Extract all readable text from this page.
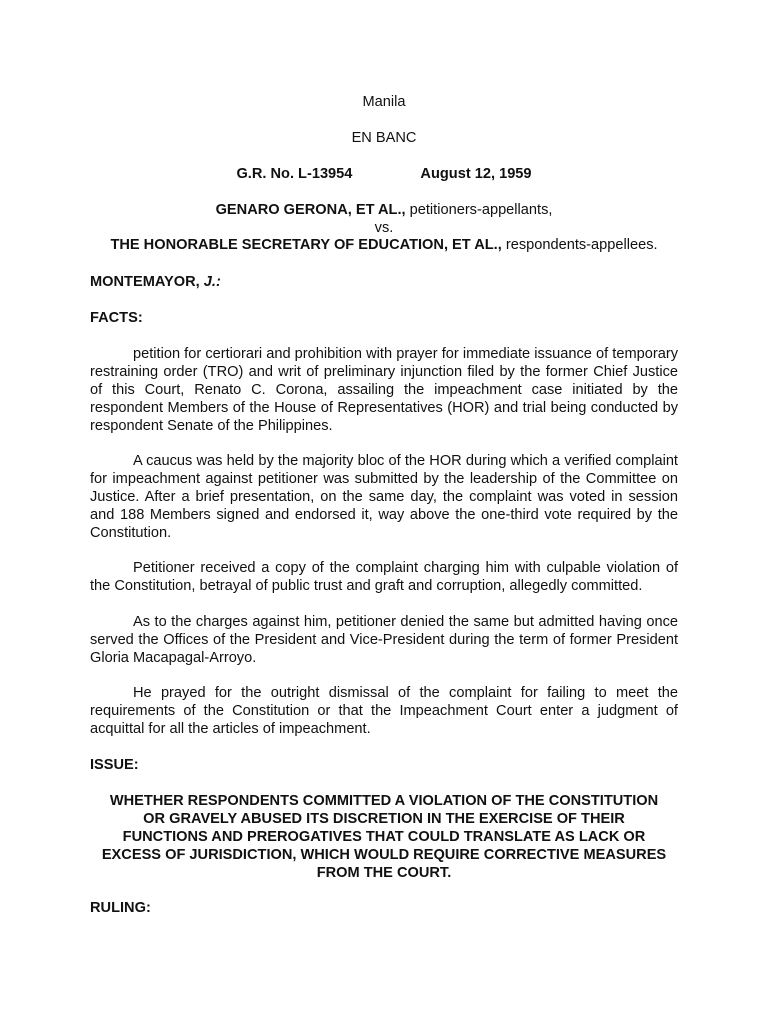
Manila
EN BANC
G.R. No. L-13954	August 12, 1959
GENARO GERONA, ET AL., petitioners-appellants,
vs.
THE HONORABLE SECRETARY OF EDUCATION, ET AL., respondents-appellees.
MONTEMAYOR, J.:
FACTS:
petition for certiorari and prohibition with prayer for immediate issuance of temporary restraining order (TRO) and writ of preliminary injunction filed by the former Chief Justice of this Court, Renato C. Corona, assailing the impeachment case initiated by the respondent Members of the House of Representatives (HOR) and trial being conducted by respondent Senate of the Philippines.
A caucus was held by the majority bloc of the HOR during which a verified complaint for impeachment against petitioner was submitted by the leadership of the Committee on Justice. After a brief presentation, on the same day, the complaint was voted in session and 188 Members signed and endorsed it, way above the one-third vote required by the Constitution.
Petitioner received a copy of the complaint charging him with culpable violation of the Constitution, betrayal of public trust and graft and corruption, allegedly committed.
As to the charges against him, petitioner denied the same but admitted having once served the Offices of the President and Vice-President during the term of former President Gloria Macapagal-Arroyo.
He prayed for the outright dismissal of the complaint for failing to meet the requirements of the Constitution or that the Impeachment Court enter a judgment of acquittal for all the articles of impeachment.
ISSUE:
WHETHER RESPONDENTS COMMITTED A VIOLATION OF THE CONSTITUTION
OR GRAVELY ABUSED ITS DISCRETION IN THE EXERCISE OF THEIR
FUNCTIONS AND PREROGATIVES THAT COULD TRANSLATE AS LACK OR
EXCESS OF JURISDICTION, WHICH WOULD REQUIRE CORRECTIVE MEASURES
FROM THE COURT.
RULING:
